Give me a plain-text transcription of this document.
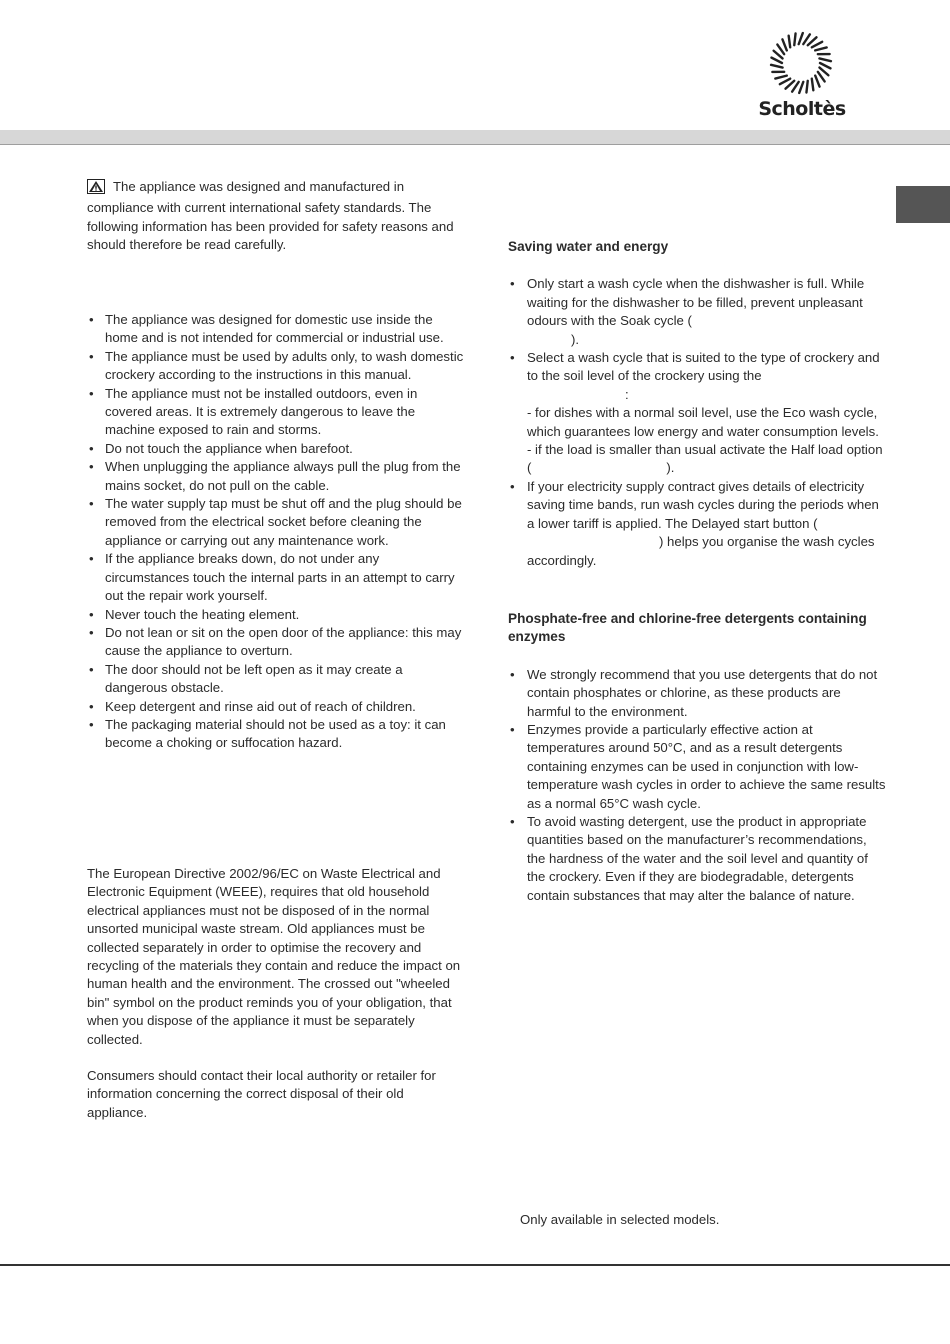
Scholtès

The appliance was designed and manufactured in compliance with current international safety standards. The following information has been provided for safety reasons and should therefore be read carefully.

• The appliance was designed for domestic use inside the home and is not intended for commercial or industrial use.
• The appliance must be used by adults only, to wash domestic crockery according to the instructions in this manual.
• The appliance must not be installed outdoors, even in covered areas. It is extremely dangerous to leave the machine exposed to rain and storms.
• Do not touch the appliance when barefoot.
• When unplugging the appliance always pull the plug from the mains socket, do not pull on the cable.
• The water supply tap must be shut off and the plug should be removed from the electrical socket before cleaning the appliance or carrying out any maintenance work.
• If the appliance breaks down, do not under any circumstances touch the internal parts in an attempt to carry out the repair work yourself.
• Never touch the heating element.
• Do not lean or sit on the open door of the appliance: this may cause the appliance to overturn.
• The door should not be left open as it may create a dangerous obstacle.
• Keep detergent and rinse aid out of reach of children.
• The packaging material should not be used as a toy: it can become a choking or suffocation hazard.

The European Directive 2002/96/EC on Waste Electrical and Electronic Equipment (WEEE), requires that old household electrical appliances must not be disposed of in the normal unsorted municipal waste stream. Old appliances must be collected separately in order to optimise the recovery and recycling of the materials they contain and reduce the impact on human health and the environment. The crossed out "wheeled bin" symbol on the product reminds you of your obligation, that when you dispose of the appliance it must be separately collected.

Consumers should contact their local authority or retailer for information concerning the correct disposal of their old appliance.

Saving water and energy

• Only start a wash cycle when the dishwasher is full. While waiting for the dishwasher to be filled, prevent unpleasant odours with the Soak cycle (
).
• Select a wash cycle that is suited to the type of crockery and to the soil level of the crockery using the
:
- for dishes with a normal soil level, use the Eco wash cycle, which guarantees low energy and water consumption levels.
- if the load is smaller than usual activate the Half load option (	).
• If your electricity supply contract gives details of electricity saving time bands, run wash cycles during the periods when a lower tariff is applied. The Delayed start button () helps you organise the wash cycles accordingly.

Phosphate-free and chlorine-free detergents containing enzymes

• We strongly recommend that you use detergents that do not contain phosphates or chlorine, as these products are harmful to the environment.
• Enzymes provide a particularly effective action at temperatures around 50°C, and as a result detergents containing enzymes can be used in conjunction with low-temperature wash cycles in order to achieve the same results as a normal 65°C wash cycle.
• To avoid wasting detergent, use the product in appropriate quantities based on the manufacturer’s recommendations, the hardness of the water and the soil level and quantity of the crockery. Even if they are biodegradable, detergents contain substances that may alter the balance of nature.
Only available in selected models.
